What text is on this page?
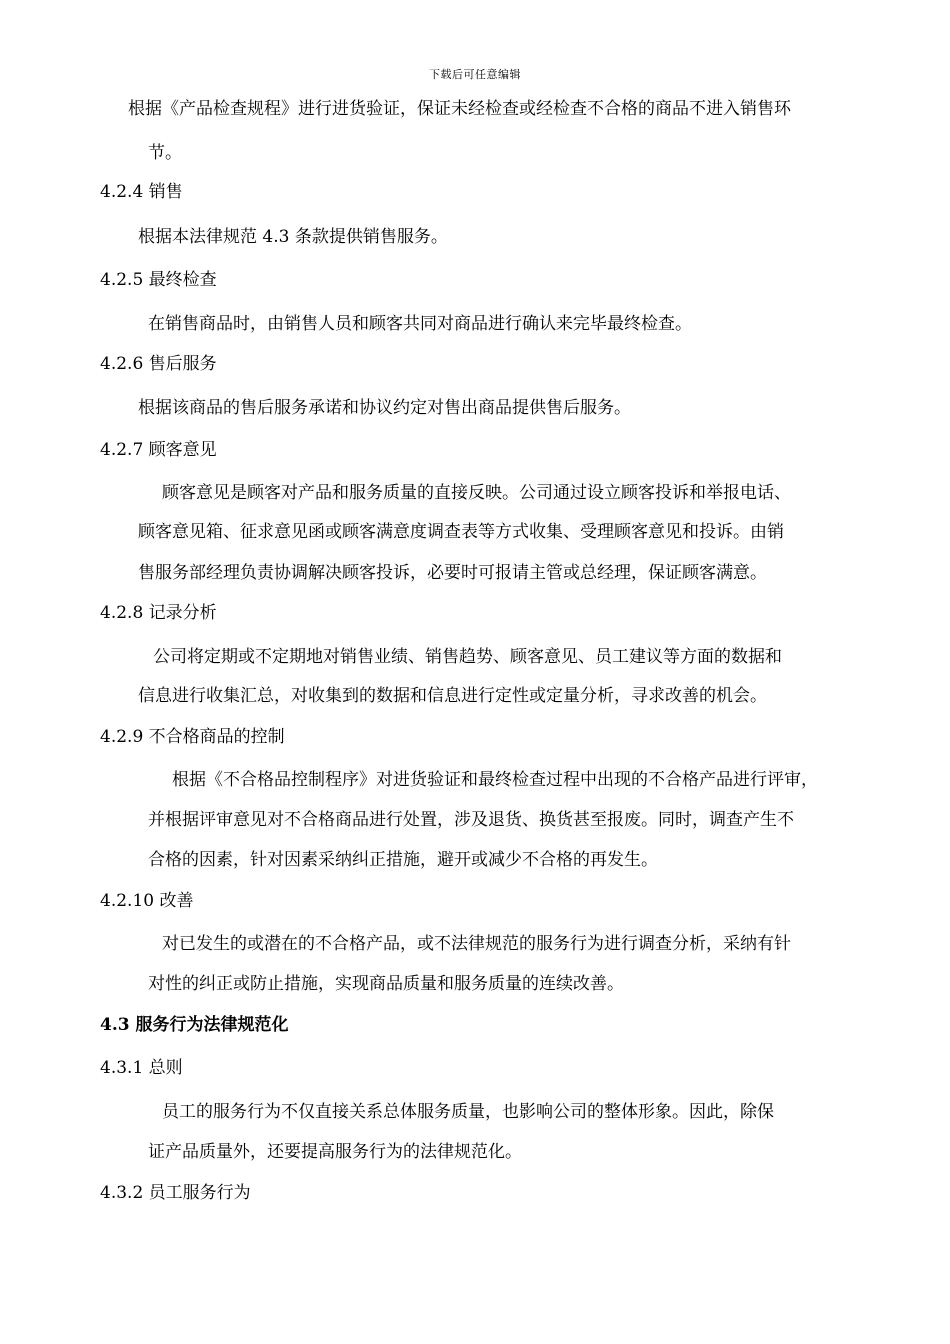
下载后可任意编辑
根据《产品检查规程》进行进货验证，保证未经检查或经检查不合格的商品不进入销售环
节。
4.2.4 销售
根据本法律规范 4.3 条款提供销售服务。
4.2.5 最终检查
在销售商品时，由销售人员和顾客共同对商品进行确认来完毕最终检查。
4.2.6 售后服务
根据该商品的售后服务承诺和协议约定对售出商品提供售后服务。
4.2.7 顾客意见
顾客意见是顾客对产品和服务质量的直接反映。公司通过设立顾客投诉和举报电话、
顾客意见箱、征求意见函或顾客满意度调查表等方式收集、受理顾客意见和投诉。由销
售服务部经理负责协调解决顾客投诉，必要时可报请主管或总经理，保证顾客满意。
4.2.8 记录分析
公司将定期或不定期地对销售业绩、销售趋势、顾客意见、员工建议等方面的数据和
信息进行收集汇总，对收集到的数据和信息进行定性或定量分析，寻求改善的机会。
4.2.9 不合格商品的控制
根据《不合格品控制程序》对进货验证和最终检查过程中出现的不合格产品进行评审，
并根据评审意见对不合格商品进行处置，涉及退货、换货甚至报废。同时，调查产生不
合格的因素，针对因素采纳纠正措施，避开或减少不合格的再发生。
4.2.10 改善
对已发生的或潜在的不合格产品，或不法律规范的服务行为进行调查分析，采纳有针
对性的纠正或防止措施，实现商品质量和服务质量的连续改善。
4.3 服务行为法律规范化
4.3.1 总则
员工的服务行为不仅直接关系总体服务质量，也影响公司的整体形象。因此，除保
证产品质量外，还要提高服务行为的法律规范化。
4.3.2 员工服务行为
